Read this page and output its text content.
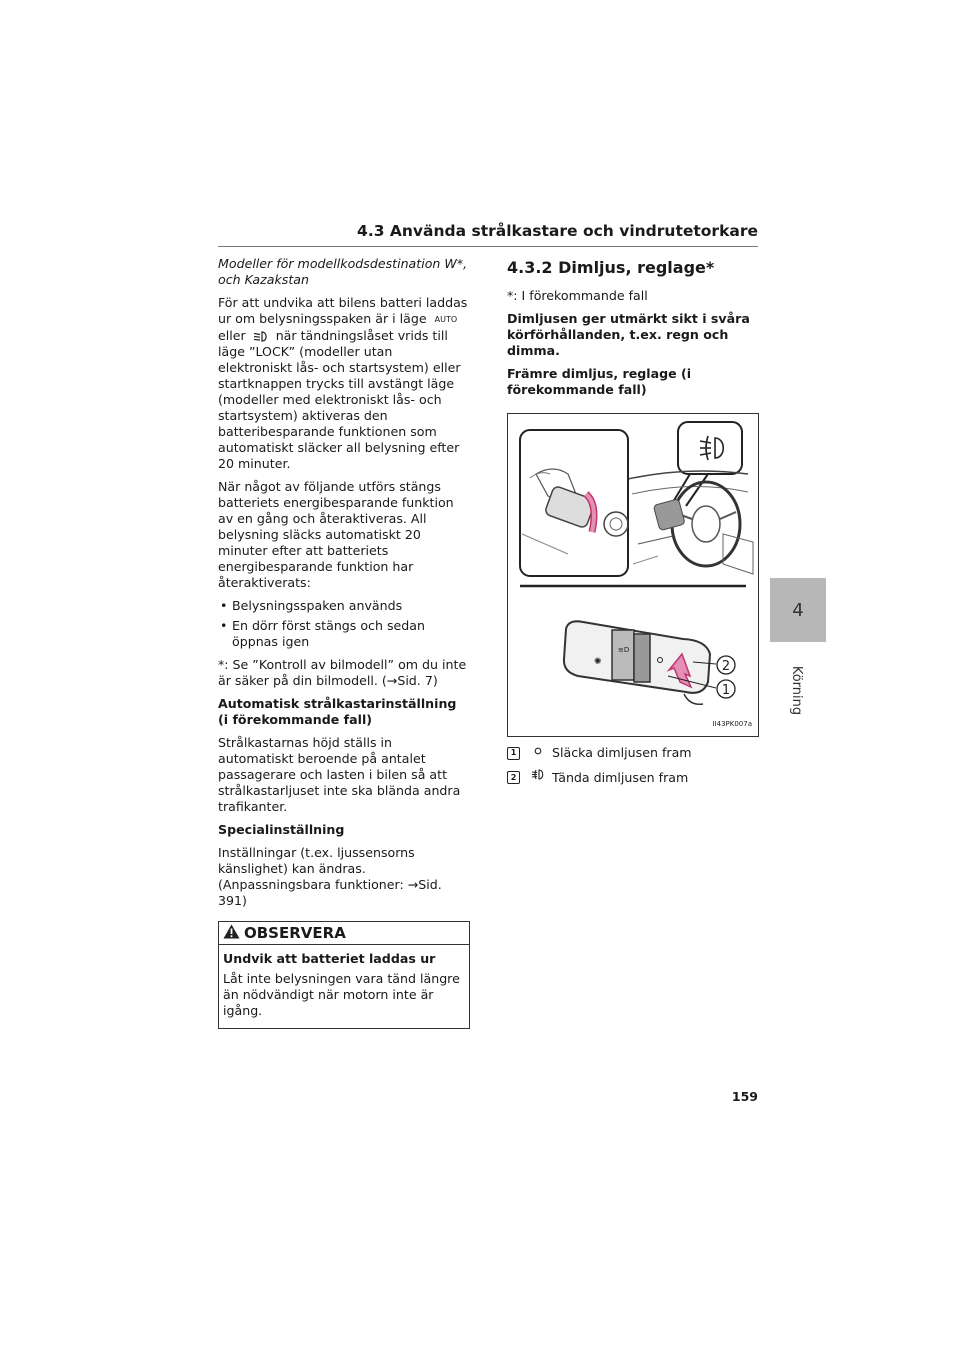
4.3 Använda strålkastare och vindrutetorkare
4
Körning

Modeller för modellkodsdestination W*, och Kazakstan

För att undvika att bilens batteri laddas ur om belysningsspaken är i läge AUTO eller när tändningslåset vrids till läge ”LOCK” (modeller utan elektroniskt lås- och startsystem) eller startknappen trycks till avstängt läge (modeller med elektroniskt lås- och startsystem) aktiveras den batteribesparande funktionen som automatiskt släcker all belysning efter 20 minuter.

När något av följande utförs stängs batteriets energibesparande funktion av en gång och återaktiveras. All belysning släcks automatiskt 20 minuter efter att batteriets energibesparande funktion har återaktiverats:

• Belysningsspaken används
• En dörr först stängs och sedan öppnas igen

*: Se ”Kontroll av bilmodell” om du inte är säker på din bilmodell. (→Sid. 7)

Automatisk strålkastarinställning (i förekommande fall)

Strålkastarnas höjd ställs in automatiskt beroende på antalet passagerare och lasten i bilen så att strålkastarljuset inte ska blända andra trafikanter.

Specialinställning

Inställningar (t.ex. ljussensorns känslighet) kan ändras. (Anpassningsbara funktioner: →Sid. 391)

OBSERVERA

Undvik att batteriet laddas ur

Låt inte belysningen vara tänd längre än nödvändigt när motorn inte är igång.

4.3.2 Dimljus, reglage*

*: I förekommande fall

Dimljusen ger utmärkt sikt i svåra körförhållanden, t.ex. regn och dimma.

Främre dimljus, reglage (i förekommande fall)

≡D
✺	2
1
II43PK007a
1	Släcka dimljusen fram
2	Tända dimljusen fram
159
